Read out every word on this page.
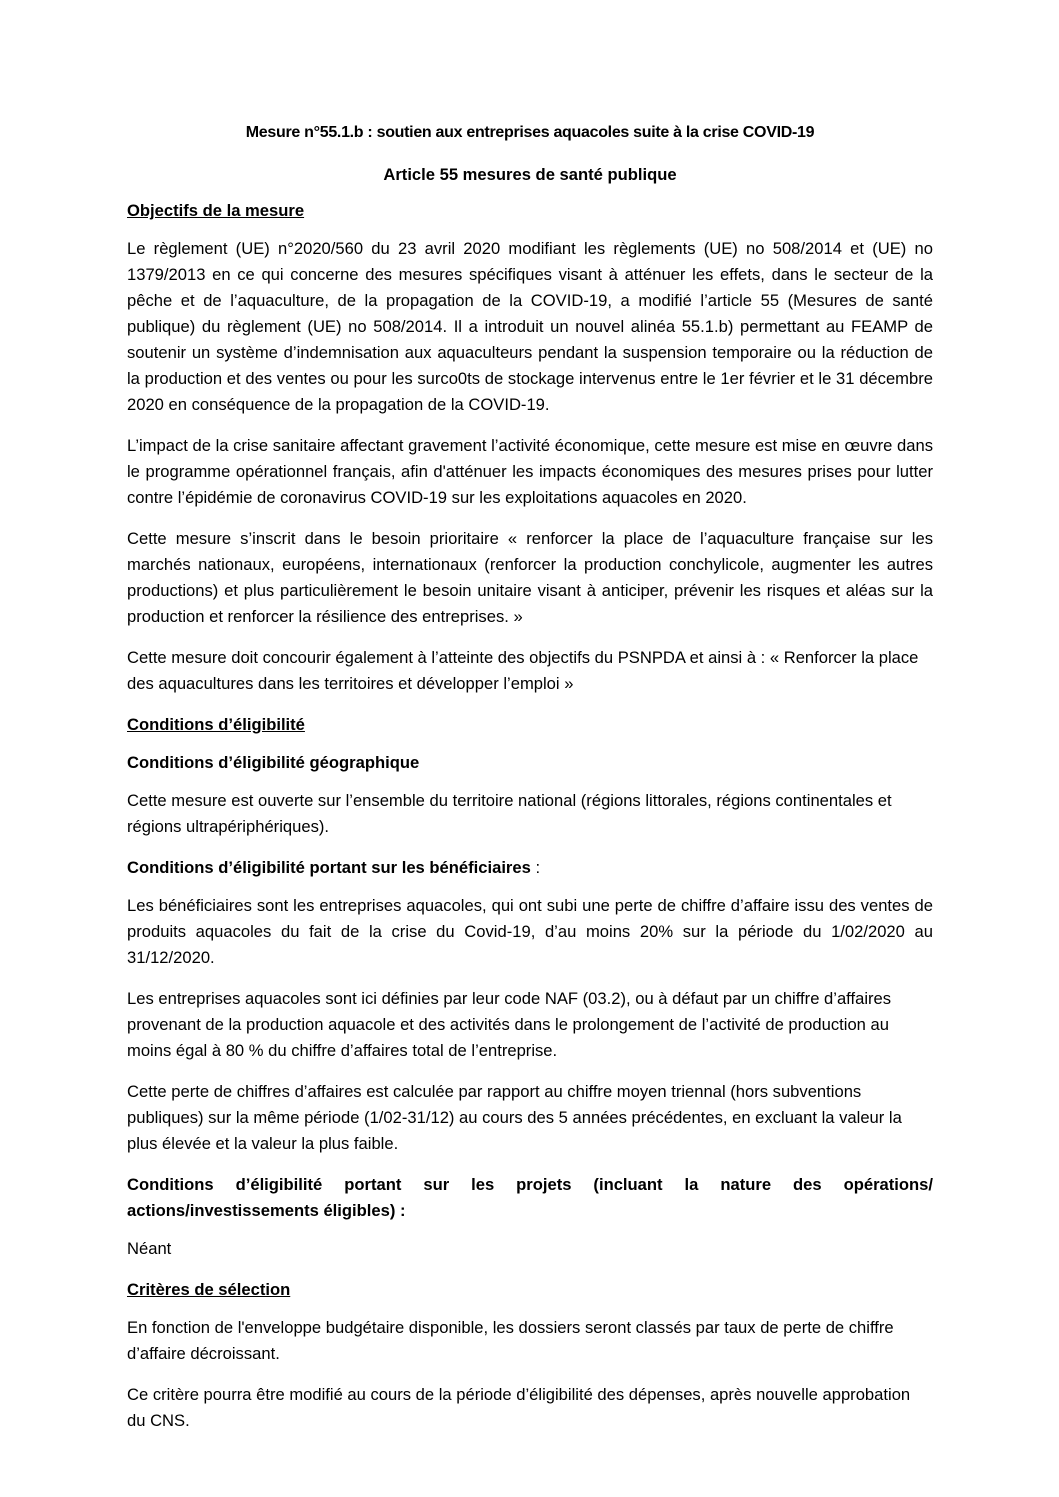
Mesure n°55.1.b : soutien aux entreprises aquacoles suite à la crise COVID-19

Article 55 mesures de santé publique

Objectifs de la mesure

Le règlement (UE) n°2020/560 du 23 avril 2020 modifiant les règlements (UE) no 508/2014 et (UE) no 1379/2013 en ce qui concerne des mesures spécifiques visant à atténuer les effets, dans le secteur de la pêche et de l’aquaculture, de la propagation de la COVID-19, a modifié l’article 55 (Mesures de santé publique) du règlement (UE) no 508/2014. Il a introduit un nouvel alinéa 55.1.b) permettant au FEAMP de soutenir un système d’indemnisation aux aquaculteurs pendant la suspension temporaire ou la réduction de la production et des ventes ou pour les surco0ts de stockage intervenus entre le 1er février et le 31 décembre 2020 en conséquence de la propagation de la COVID-19.

L’impact de la crise sanitaire affectant gravement l’activité économique, cette mesure est mise en œuvre dans le programme opérationnel français, afin d'atténuer les impacts économiques des mesures prises pour lutter contre l’épidémie de coronavirus COVID-19 sur les exploitations aquacoles en 2020.

Cette mesure s’inscrit dans le besoin prioritaire « renforcer la place de l’aquaculture française sur les marchés nationaux, européens, internationaux (renforcer la production conchylicole, augmenter les autres productions) et plus particulièrement le besoin unitaire visant à anticiper, prévenir les risques et aléas sur la production et renforcer la résilience des entreprises. »

Cette mesure doit concourir également à l’atteinte des objectifs du PSNPDA et ainsi à : « Renforcer la place des aquacultures dans les territoires et développer l’emploi »

Conditions d’éligibilité

Conditions d’éligibilité géographique

Cette mesure est ouverte sur l’ensemble du territoire national (régions littorales, régions continentales et régions ultrapériphériques).

Conditions d’éligibilité portant sur les bénéficiaires :

Les bénéficiaires sont les entreprises aquacoles, qui ont subi une perte de chiffre d’affaire issu des ventes de produits aquacoles du fait de la crise du Covid-19, d’au moins 20% sur la période du 1/02/2020 au 31/12/2020.

Les entreprises aquacoles sont ici définies par leur code NAF (03.2), ou à défaut par un chiffre d’affaires provenant de la production aquacole et des activités dans le prolongement de l’activité de production au moins égal à 80 % du chiffre d’affaires total de l’entreprise.

Cette perte de chiffres d’affaires est calculée par rapport au chiffre moyen triennal (hors subventions publiques) sur la même période (1/02-31/12) au cours des 5 années précédentes, en excluant la valeur la plus élevée et la valeur la plus faible.

Conditions d’éligibilité portant sur les projets (incluant la nature des opérations/ actions/investissements éligibles) :

Néant

Critères de sélection

En fonction de l'enveloppe budgétaire disponible, les dossiers seront classés par taux de perte de chiffre d’affaire décroissant.

Ce critère pourra être modifié au cours de la période d’éligibilité des dépenses, après nouvelle approbation du CNS.
